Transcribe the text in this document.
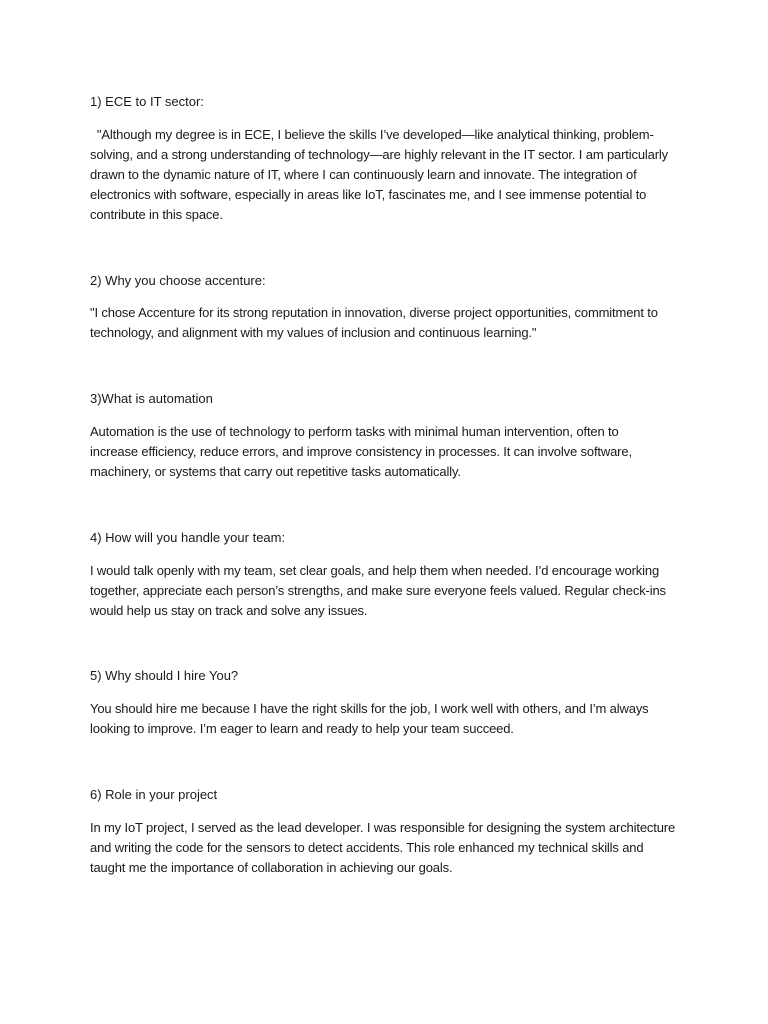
1) ECE to IT sector:

"Although my degree is in ECE, I believe the skills I’ve developed—like analytical thinking, problem-
solving, and a strong understanding of technology—are highly relevant in the IT sector. I am particularly
drawn to the dynamic nature of IT, where I can continuously learn and innovate. The integration of
electronics with software, especially in areas like IoT, fascinates me, and I see immense potential to
contribute in this space.

2) Why you choose accenture:

"I chose Accenture for its strong reputation in innovation, diverse project opportunities, commitment to
technology, and alignment with my values of inclusion and continuous learning."

3)What is automation

Automation is the use of technology to perform tasks with minimal human intervention, often to
increase efficiency, reduce errors, and improve consistency in processes. It can involve software,
machinery, or systems that carry out repetitive tasks automatically.

4) How will you handle your team:

I would talk openly with my team, set clear goals, and help them when needed. I’d encourage working
together, appreciate each person’s strengths, and make sure everyone feels valued. Regular check-ins
would help us stay on track and solve any issues.

5) Why should I hire You?

You should hire me because I have the right skills for the job, I work well with others, and I’m always
looking to improve. I’m eager to learn and ready to help your team succeed.

6) Role in your project

In my IoT project, I served as the lead developer. I was responsible for designing the system architecture
and writing the code for the sensors to detect accidents. This role enhanced my technical skills and
taught me the importance of collaboration in achieving our goals.
